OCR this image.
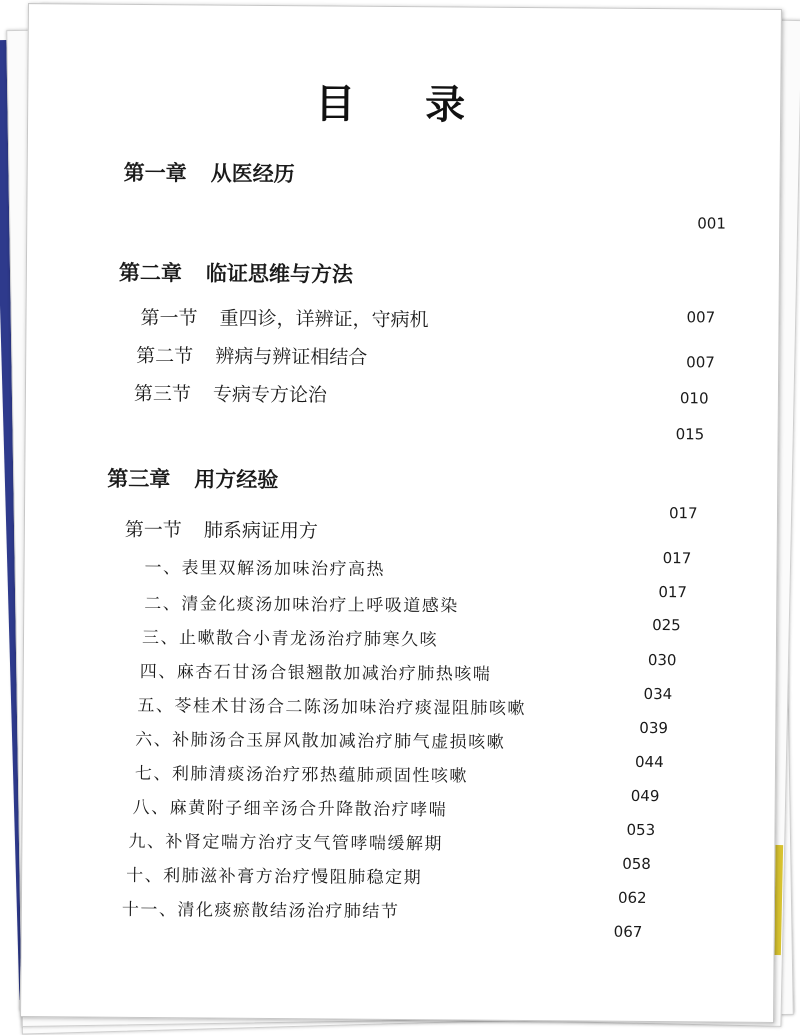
目 录
第一章 从医经历
001
第二章 临证思维与方法
007
第一节 重四诊，详辨证，守病机
007
第二节 辨病与辨证相结合
010
第三节 专病专方论治
015
第三章 用方经验
017
第一节 肺系病证用方
017
一、表里双解汤加味治疗高热
017
二、清金化痰汤加味治疗上呼吸道感染
025
三、止嗽散合小青龙汤治疗肺寒久咳
030
四、麻杏石甘汤合银翘散加减治疗肺热咳喘
034
五、苓桂术甘汤合二陈汤加味治疗痰湿阻肺咳嗽
039
六、补肺汤合玉屏风散加减治疗肺气虚损咳嗽
044
七、利肺清痰汤治疗邪热蕴肺顽固性咳嗽
049
八、麻黄附子细辛汤合升降散治疗哮喘
053
九、补肾定喘方治疗支气管哮喘缓解期
058
十、利肺滋补膏方治疗慢阻肺稳定期
062
十一、清化痰瘀散结汤治疗肺结节
067
